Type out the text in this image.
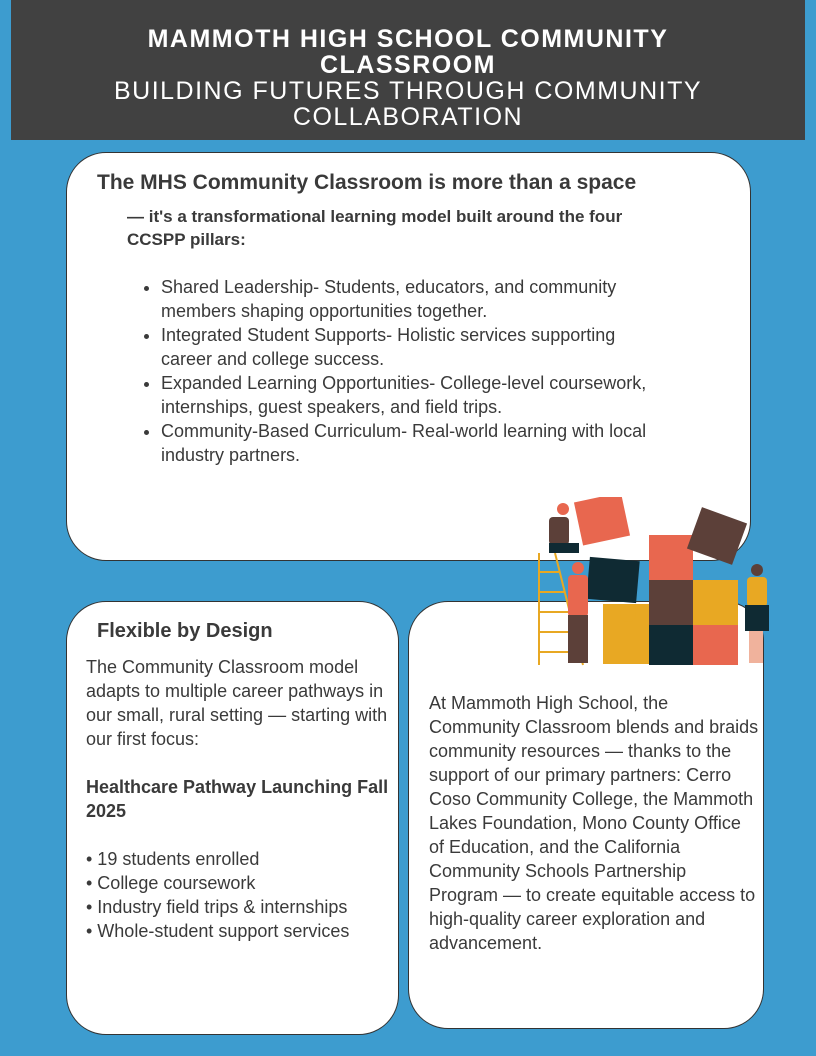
MAMMOTH HIGH SCHOOL COMMUNITY CLASSROOM
BUILDING FUTURES THROUGH COMMUNITY COLLABORATION
The MHS Community Classroom is more than a space
— it's a transformational learning model built around the four CCSPP pillars:
• Shared Leadership- Students, educators, and community members shaping opportunities together.
• Integrated Student Supports- Holistic services supporting career and college success.
• Expanded Learning Opportunities- College-level coursework, internships, guest speakers, and field trips.
• Community-Based Curriculum- Real-world learning with local industry partners.
Flexible by Design
The Community Classroom model adapts to multiple career pathways in our small, rural setting — starting with our first focus:
Healthcare Pathway Launching Fall 2025
• 19 students enrolled
• College coursework
• Industry field trips & internships
• Whole-student support services
At Mammoth High School, the Community Classroom blends and braids community resources — thanks to the support of our primary partners: Cerro Coso Community College, the Mammoth Lakes Foundation, Mono County Office of Education, and the California Community Schools Partnership Program — to create equitable access to high-quality career exploration and advancement.
